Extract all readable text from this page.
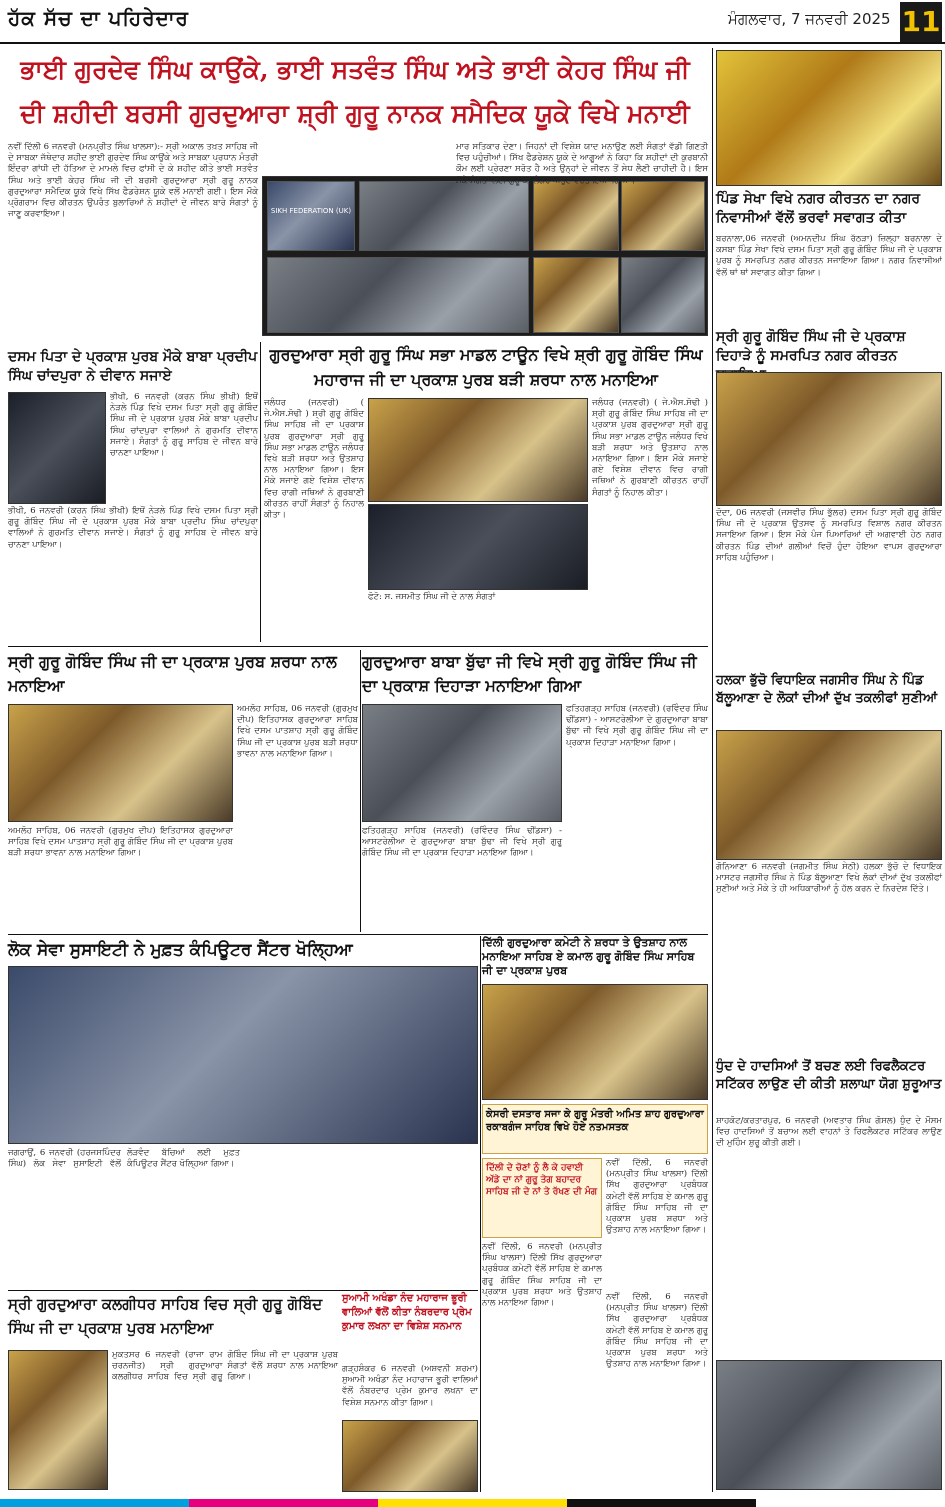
ਹੱਕ ਸੱਚ ਦਾ ਪਹਿਰੇਦਾਰ	ਮੰਗਲਵਾਰ, 7 ਜਨਵਰੀ 2025 11
ਭਾਈ ਗੁਰਦੇਵ ਸਿੰਘ ਕਾਉਂਕੇ, ਭਾਈ ਸਤਵੰਤ ਸਿੰਘ ਅਤੇ ਭਾਈ ਕੇਹਰ ਸਿੰਘ ਜੀ
ਦੀ ਸ਼ਹੀਦੀ ਬਰਸੀ ਗੁਰਦੁਆਰਾ ਸ਼੍ਰੀ ਗੁਰੂ ਨਾਨਕ ਸਮੈਦਿਕ ਯੂਕੇ ਵਿਖੇ ਮਨਾਈ
ਨਵੀਂ ਦਿੱਲੀ 6 ਜਨਵਰੀ (ਮਨਪ੍ਰੀਤ ਸਿੰਘ ਖਾਲਸਾ):- ਸ੍ਰੀ ਅਕਾਲ ਤਖ਼ਤ ਸਾਹਿਬ ਜੀ ਦੇ ਸਾਬਕਾ ਜੱਥੇਦਾਰ ਸ਼ਹੀਦ ਭਾਈ ਗੁਰਦੇਵ ਸਿੰਘ ਕਾਉਂਕੇ ਅਤੇ ਸਾਬਕਾ ਪ੍ਰਧਾਨ ਮੰਤਰੀ ਇੰਦਰਾ ਗਾਂਧੀ ਦੀ ਹੱਤਿਆ ਦੇ ਮਾਮਲੇ ਵਿਚ ਫਾਂਸੀ ਦੇ ਕੇ ਸ਼ਹੀਦ ਕੀਤੇ ਭਾਈ ਸਤਵੰਤ ਸਿੰਘ ਅਤੇ ਭਾਈ ਕੇਹਰ ਸਿੰਘ ਜੀ ਦੀ ਬਰਸੀ ਗੁਰਦੁਆਰਾ ਸ੍ਰੀ ਗੁਰੂ ਨਾਨਕ ਗੁਰਦੁਆਰਾ ਸਮੈਦਿਕ ਯੂਕੇ ਵਿਖੇ ਸਿੱਖ ਫੈਡਰੇਸ਼ਨ ਯੂਕੇ ਵਲੋਂ ਮਨਾਈ ਗਈ। ਇਸ ਮੌਕੇ ਪ੍ਰੋਗਰਾਮ ਵਿਚ ਕੀਰਤਨ ਉਪਰੰਤ ਬੁਲਾਰਿਆਂ ਨੇ ਸ਼ਹੀਦਾਂ ਦੇ ਜੀਵਨ ਬਾਰੇ ਸੰਗਤਾਂ ਨੂੰ ਜਾਣੂ ਕਰਵਾਇਆ।	SIKH FEDERATION (UK)
ਮਾਰ ਸਤਿਕਾਰ ਦੇਣਾ। ਜਿਹਨਾਂ ਦੀ ਵਿਸ਼ੇਸ਼ ਯਾਦ ਮਨਾਉਣ ਲਈ ਸੰਗਤਾਂ ਵੱਡੀ ਗਿਣਤੀ ਵਿਚ ਪਹੁੰਚੀਆਂ। ਸਿੱਖ ਫੈਡਰੇਸ਼ਨ ਯੂਕੇ ਦੇ ਆਗੂਆਂ ਨੇ ਕਿਹਾ ਕਿ ਸ਼ਹੀਦਾਂ ਦੀ ਕੁਰਬਾਨੀ ਕੌਮ ਲਈ ਪ੍ਰੇਰਣਾ ਸਰੋਤ ਹੈ ਅਤੇ ਉਨ੍ਹਾਂ ਦੇ ਜੀਵਨ ਤੋਂ ਸੇਧ ਲੈਣੀ ਚਾਹੀਦੀ ਹੈ। ਇਸ ਮੌਕੇ ਸੰਗਤਾਂ ਲਈ ਗੁਰੂ ਕਾ ਲੰਗਰ ਅਤੁੱਟ ਵਰਤਾਇਆ ਗਿਆ।
ਪਿੰਡ ਸੇਖਾ ਵਿਖੇ ਨਗਰ ਕੀਰਤਨ ਦਾ ਨਗਰ ਨਿਵਾਸੀਆਂ ਵੱਲੋਂ ਭਰਵਾਂ ਸਵਾਗਤ ਕੀਤਾ
ਬਰਨਾਲਾ,06 ਜਨਵਰੀ (ਅਮਨਦੀਪ ਸਿੰਘ ਰੱਠੜਾ) ਜ਼ਿਲ੍ਹਾ ਬਰਨਾਲਾ ਦੇ ਕਸਬਾ ਪਿੰਡ ਸੇਖਾ ਵਿਖੇ ਦਸਮ ਪਿਤਾ ਸ੍ਰੀ ਗੁਰੂ ਗੋਬਿੰਦ ਸਿੰਘ ਜੀ ਦੇ ਪ੍ਰਕਾਸ਼ ਪੁਰਬ ਨੂੰ ਸਮਰਪਿਤ ਨਗਰ ਕੀਰਤਨ ਸਜਾਇਆ ਗਿਆ। ਨਗਰ ਨਿਵਾਸੀਆਂ ਵੱਲੋਂ ਥਾਂ ਥਾਂ ਸਵਾਗਤ ਕੀਤਾ ਗਿਆ।
ਸ੍ਰੀ ਗੁਰੂ ਗੋਬਿੰਦ ਸਿੰਘ ਜੀ ਦੇ ਪ੍ਰਕਾਸ਼ ਦਿਹਾੜੇ ਨੂੰ ਸਮਰਪਿਤ ਨਗਰ ਕੀਰਤਨ
ਦੋਦਾ, 06 ਜਨਵਰੀ (ਜਸਵੀਰ ਸਿੰਘ ਭੁੱਲਰ) ਦਸਮ ਪਿਤਾ ਸ੍ਰੀ ਗੁਰੂ ਗੋਬਿੰਦ ਸਿੰਘ ਜੀ ਦੇ ਪ੍ਰਕਾਸ਼ ਉਤਸਵ ਨੂੰ ਸਮਰਪਿਤ ਵਿਸ਼ਾਲ ਨਗਰ ਕੀਰਤਨ ਸਜਾਇਆ ਗਿਆ। ਇਸ ਮੌਕੇ ਪੰਜ ਪਿਆਰਿਆਂ ਦੀ ਅਗਵਾਈ ਹੇਠ ਨਗਰ ਕੀਰਤਨ ਪਿੰਡ ਦੀਆਂ ਗਲੀਆਂ ਵਿਚੋਂ ਹੁੰਦਾ ਹੋਇਆ ਵਾਪਸ ਗੁਰਦੁਆਰਾ ਸਾਹਿਬ ਪਹੁੰਚਿਆ।
ਦਸਮ ਪਿਤਾ ਦੇ ਪ੍ਰਕਾਸ਼ ਪੁਰਬ ਮੌਕੇ ਬਾਬਾ ਪ੍ਰਦੀਪ ਸਿੰਘ ਚਾਂਦਪੁਰਾ ਨੇ ਦੀਵਾਨ ਸਜਾਏ
ਭੀਖੀ, 6 ਜਨਵਰੀ (ਕਰਨ ਸਿੰਘ ਭੀਖੀ) ਇਥੋਂ ਨੇੜਲੇ ਪਿੰਡ ਵਿਖੇ ਦਸਮ ਪਿਤਾ ਸ੍ਰੀ ਗੁਰੂ ਗੋਬਿੰਦ ਸਿੰਘ ਜੀ ਦੇ ਪ੍ਰਕਾਸ਼ ਪੁਰਬ ਮੌਕੇ ਬਾਬਾ ਪ੍ਰਦੀਪ ਸਿੰਘ ਚਾਂਦਪੁਰਾ ਵਾਲਿਆਂ ਨੇ ਗੁਰਮਤਿ ਦੀਵਾਨ ਸਜਾਏ। ਸੰਗਤਾਂ ਨੂੰ ਗੁਰੂ ਸਾਹਿਬ ਦੇ ਜੀਵਨ ਬਾਰੇ ਚਾਨਣਾ ਪਾਇਆ।
ਭੀਖੀ, 6 ਜਨਵਰੀ (ਕਰਨ ਸਿੰਘ ਭੀਖੀ) ਇਥੋਂ ਨੇੜਲੇ ਪਿੰਡ ਵਿਖੇ ਦਸਮ ਪਿਤਾ ਸ੍ਰੀ ਗੁਰੂ ਗੋਬਿੰਦ ਸਿੰਘ ਜੀ ਦੇ ਪ੍ਰਕਾਸ਼ ਪੁਰਬ ਮੌਕੇ ਬਾਬਾ ਪ੍ਰਦੀਪ ਸਿੰਘ ਚਾਂਦਪੁਰਾ ਵਾਲਿਆਂ ਨੇ ਗੁਰਮਤਿ ਦੀਵਾਨ ਸਜਾਏ। ਸੰਗਤਾਂ ਨੂੰ ਗੁਰੂ ਸਾਹਿਬ ਦੇ ਜੀਵਨ ਬਾਰੇ ਚਾਨਣਾ ਪਾਇਆ।
ਗੁਰਦੁਆਰਾ ਸ੍ਰੀ ਗੁਰੂ ਸਿੰਘ ਸਭਾ ਮਾਡਲ ਟਾਊਨ ਵਿਖੇ ਸ਼੍ਰੀ ਗੁਰੂ ਗੋਬਿੰਦ ਸਿੰਘ ਮਹਾਰਾਜ ਜੀ ਦਾ ਪ੍ਰਕਾਸ਼ ਪੁਰਬ ਬੜੀ ਸ਼ਰਧਾ ਨਾਲ ਮਨਾਇਆ
ਜਲੰਧਰ (ਜਨਵਰੀ) ( ਜੇ.ਐਸ.ਸੋਢੀ ) ਸ਼੍ਰੀ ਗੁਰੂ ਗੋਬਿੰਦ ਸਿੰਘ ਸਾਹਿਬ ਜੀ ਦਾ ਪ੍ਰਕਾਸ਼ ਪੁਰਬ ਗੁਰਦੁਆਰਾ ਸ੍ਰੀ ਗੁਰੂ ਸਿੰਘ ਸਭਾ ਮਾਡਲ ਟਾਊਨ ਜਲੰਧਰ ਵਿਖੇ ਬੜੀ ਸ਼ਰਧਾ ਅਤੇ ਉਤਸ਼ਾਹ ਨਾਲ ਮਨਾਇਆ ਗਿਆ। ਇਸ ਮੌਕੇ ਸਜਾਏ ਗਏ ਵਿਸ਼ੇਸ਼ ਦੀਵਾਨ ਵਿਚ ਰਾਗੀ ਜਥਿਆਂ ਨੇ ਗੁਰਬਾਣੀ ਕੀਰਤਨ ਰਾਹੀਂ ਸੰਗਤਾਂ ਨੂੰ ਨਿਹਾਲ ਕੀਤਾ।
ਫੋਟੋ: ਸ. ਜਸਮੀਤ ਸਿੰਘ ਜੀ ਦੇ ਨਾਲ ਸੰਗਤਾਂ
ਜਲੰਧਰ (ਜਨਵਰੀ) ( ਜੇ.ਐਸ.ਸੋਢੀ ) ਸ਼੍ਰੀ ਗੁਰੂ ਗੋਬਿੰਦ ਸਿੰਘ ਸਾਹਿਬ ਜੀ ਦਾ ਪ੍ਰਕਾਸ਼ ਪੁਰਬ ਗੁਰਦੁਆਰਾ ਸ੍ਰੀ ਗੁਰੂ ਸਿੰਘ ਸਭਾ ਮਾਡਲ ਟਾਊਨ ਜਲੰਧਰ ਵਿਖੇ ਬੜੀ ਸ਼ਰਧਾ ਅਤੇ ਉਤਸ਼ਾਹ ਨਾਲ ਮਨਾਇਆ ਗਿਆ। ਇਸ ਮੌਕੇ ਸਜਾਏ ਗਏ ਵਿਸ਼ੇਸ਼ ਦੀਵਾਨ ਵਿਚ ਰਾਗੀ ਜਥਿਆਂ ਨੇ ਗੁਰਬਾਣੀ ਕੀਰਤਨ ਰਾਹੀਂ ਸੰਗਤਾਂ ਨੂੰ ਨਿਹਾਲ ਕੀਤਾ।
ਸ੍ਰੀ ਗੁਰੂ ਗੋਬਿੰਦ ਸਿੰਘ ਜੀ ਦਾ ਪ੍ਰਕਾਸ਼ ਪੁਰਬ ਸ਼ਰਧਾ ਨਾਲ ਮਨਾਇਆ
ਅਮਲੋਹ ਸਾਹਿਬ, 06 ਜਨਵਰੀ (ਗੁਰਮੁਖ ਦੀਪ) ਇਤਿਹਾਸਕ ਗੁਰਦੁਆਰਾ ਸਾਹਿਬ ਵਿਖੇ ਦਸਮ ਪਾਤਸ਼ਾਹ ਸ੍ਰੀ ਗੁਰੂ ਗੋਬਿੰਦ ਸਿੰਘ ਜੀ ਦਾ ਪ੍ਰਕਾਸ਼ ਪੁਰਬ ਬੜੀ ਸ਼ਰਧਾ ਭਾਵਨਾ ਨਾਲ ਮਨਾਇਆ ਗਿਆ।
ਅਮਲੋਹ ਸਾਹਿਬ, 06 ਜਨਵਰੀ (ਗੁਰਮੁਖ ਦੀਪ) ਇਤਿਹਾਸਕ ਗੁਰਦੁਆਰਾ ਸਾਹਿਬ ਵਿਖੇ ਦਸਮ ਪਾਤਸ਼ਾਹ ਸ੍ਰੀ ਗੁਰੂ ਗੋਬਿੰਦ ਸਿੰਘ ਜੀ ਦਾ ਪ੍ਰਕਾਸ਼ ਪੁਰਬ ਬੜੀ ਸ਼ਰਧਾ ਭਾਵਨਾ ਨਾਲ ਮਨਾਇਆ ਗਿਆ।
ਗੁਰਦੁਆਰਾ ਬਾਬਾ ਬੁੱਢਾ ਜੀ ਵਿਖੇ ਸ੍ਰੀ ਗੁਰੂ ਗੋਬਿੰਦ ਸਿੰਘ ਜੀ ਦਾ ਪ੍ਰਕਾਸ਼ ਦਿਹਾੜਾ ਮਨਾਇਆ ਗਿਆ
ਫਤਿਹਗੜ੍ਹ ਸਾਹਿਬ (ਜਨਵਰੀ) (ਰਵਿੰਦਰ ਸਿੰਘ ਢੀਂਡਸਾ) - ਆਸਟਰੇਲੀਆ ਦੇ ਗੁਰਦੁਆਰਾ ਬਾਬਾ ਬੁੱਢਾ ਜੀ ਵਿਖੇ ਸ੍ਰੀ ਗੁਰੂ ਗੋਬਿੰਦ ਸਿੰਘ ਜੀ ਦਾ ਪ੍ਰਕਾਸ਼ ਦਿਹਾੜਾ ਮਨਾਇਆ ਗਿਆ।
ਫਤਿਹਗੜ੍ਹ ਸਾਹਿਬ (ਜਨਵਰੀ) (ਰਵਿੰਦਰ ਸਿੰਘ ਢੀਂਡਸਾ) - ਆਸਟਰੇਲੀਆ ਦੇ ਗੁਰਦੁਆਰਾ ਬਾਬਾ ਬੁੱਢਾ ਜੀ ਵਿਖੇ ਸ੍ਰੀ ਗੁਰੂ ਗੋਬਿੰਦ ਸਿੰਘ ਜੀ ਦਾ ਪ੍ਰਕਾਸ਼ ਦਿਹਾੜਾ ਮਨਾਇਆ ਗਿਆ।
ਹਲਕਾ ਭੁੱਚੋ ਵਿਧਾਇਕ ਜਗਸੀਰ ਸਿੰਘ ਨੇ ਪਿੰਡ ਬੱਲੂਆਣਾ ਦੇ ਲੋਕਾਂ ਦੀਆਂ ਦੁੱਖ ਤਕਲੀਫਾਂ ਸੁਣੀਆਂ
ਗੋਨਿਆਣਾ 6 ਜਨਵਰੀ (ਜਗਮੀਤ ਸਿੰਘ ਸੇਠੀ) ਹਲਕਾ ਭੁੱਚੋ ਦੇ ਵਿਧਾਇਕ ਮਾਸਟਰ ਜਗਸੀਰ ਸਿੰਘ ਨੇ ਪਿੰਡ ਬੱਲੂਆਣਾ ਵਿਖੇ ਲੋਕਾਂ ਦੀਆਂ ਦੁੱਖ ਤਕਲੀਫਾਂ ਸੁਣੀਆਂ ਅਤੇ ਮੌਕੇ ਤੇ ਹੀ ਅਧਿਕਾਰੀਆਂ ਨੂੰ ਹੱਲ ਕਰਨ ਦੇ ਨਿਰਦੇਸ਼ ਦਿੱਤੇ।
ਧੁੰਦ ਦੇ ਹਾਦਸਿਆਂ ਤੋਂ ਬਚਣ ਲਈ ਰਿਫਲੈਕਟਰ ਸਟਿੱਕਰ ਲਾਉਣ ਦੀ ਕੀਤੀ ਸ਼ਲਾਘਾ ਯੋਗ ਸ਼ੁਰੂਆਤ
ਸ਼ਾਹਕੋਟ/ਕਰਤਾਰਪੁਰ, 6 ਜਨਵਰੀ (ਅਵਤਾਰ ਸਿੰਘ ਗੋਸਲ) ਧੁੰਦ ਦੇ ਮੌਸਮ ਵਿਚ ਹਾਦਸਿਆਂ ਤੋਂ ਬਚਾਅ ਲਈ ਵਾਹਨਾਂ ਤੇ ਰਿਫਲੈਕਟਰ ਸਟਿੱਕਰ ਲਾਉਣ ਦੀ ਮੁਹਿੰਮ ਸ਼ੁਰੂ ਕੀਤੀ ਗਈ।
ਲੋਕ ਸੇਵਾ ਸੁਸਾਇਟੀ ਨੇ ਮੁਫ਼ਤ ਕੰਪਿਊਟਰ ਸੈਂਟਰ ਖੋਲ੍ਹਿਆ
ਜਗਰਾਉਂ, 6 ਜਨਵਰੀ (ਹਰਜਸਪਿੰਦਰ ਸਿੰਘ) ਲੋਕ ਸੇਵਾ ਸੁਸਾਇਟੀ ਵੱਲੋਂ ਲੋੜਵੰਦ ਬੱਚਿਆਂ ਲਈ ਮੁਫ਼ਤ ਕੰਪਿਊਟਰ ਸੈਂਟਰ ਖੋਲ੍ਹਿਆ ਗਿਆ।
ਦਿੱਲੀ ਗੁਰਦੁਆਰਾ ਕਮੇਟੀ ਨੇ ਸ਼ਰਧਾ ਤੇ ਉਤਸ਼ਾਹ ਨਾਲ ਮਨਾਇਆ ਸਾਹਿਬ ਏ ਕਮਾਲ ਗੁਰੂ ਗੋਬਿੰਦ ਸਿੰਘ ਸਾਹਿਬ ਜੀ ਦਾ ਪ੍ਰਕਾਸ਼ ਪੁਰਬ
ਕੇਸਰੀ ਦਸਤਾਰ ਸਜਾ ਕੇ ਗੁਰੂ ਮੰਤਰੀ ਅਮਿਤ ਸ਼ਾਹ ਗੁਰਦੁਆਰਾ ਰਕਾਬਗੰਜ ਸਾਹਿਬ ਵਿਖੇ ਹੋਏ ਨਤਮਸਤਕ
ਦਿੱਲੀ ਦੇ ਚੋਣਾਂ ਨੂੰ ਲੈ ਕੇ ਹਵਾਈ ਅੱਡੇ ਦਾ ਨਾਂ ਗੁਰੂ ਤੇਗ ਬਹਾਦਰ ਸਾਹਿਬ ਜੀ ਦੇ ਨਾਂ ਤੇ ਰੱਖਣ ਦੀ ਮੰਗ
ਨਵੀਂ ਦਿੱਲੀ, 6 ਜਨਵਰੀ (ਮਨਪ੍ਰੀਤ ਸਿੰਘ ਖਾਲਸਾ) ਦਿੱਲੀ ਸਿੱਖ ਗੁਰਦੁਆਰਾ ਪ੍ਰਬੰਧਕ ਕਮੇਟੀ ਵੱਲੋਂ ਸਾਹਿਬ ਏ ਕਮਾਲ ਗੁਰੂ ਗੋਬਿੰਦ ਸਿੰਘ ਸਾਹਿਬ ਜੀ ਦਾ ਪ੍ਰਕਾਸ਼ ਪੁਰਬ ਸ਼ਰਧਾ ਅਤੇ ਉਤਸ਼ਾਹ ਨਾਲ ਮਨਾਇਆ ਗਿਆ।
ਨਵੀਂ ਦਿੱਲੀ, 6 ਜਨਵਰੀ (ਮਨਪ੍ਰੀਤ ਸਿੰਘ ਖਾਲਸਾ) ਦਿੱਲੀ ਸਿੱਖ ਗੁਰਦੁਆਰਾ ਪ੍ਰਬੰਧਕ ਕਮੇਟੀ ਵੱਲੋਂ ਸਾਹਿਬ ਏ ਕਮਾਲ ਗੁਰੂ ਗੋਬਿੰਦ ਸਿੰਘ ਸਾਹਿਬ ਜੀ ਦਾ ਪ੍ਰਕਾਸ਼ ਪੁਰਬ ਸ਼ਰਧਾ ਅਤੇ ਉਤਸ਼ਾਹ ਨਾਲ ਮਨਾਇਆ ਗਿਆ।
ਸ੍ਰੀ ਗੁਰਦੁਆਰਾ ਕਲਗੀਧਰ ਸਾਹਿਬ ਵਿਚ ਸ੍ਰੀ ਗੁਰੂ ਗੋਬਿੰਦ ਸਿੰਘ ਜੀ ਦਾ ਪ੍ਰਕਾਸ਼ ਪੁਰਬ ਮਨਾਇਆ
ਮੁਕਤਸਰ 6 ਜਨਵਰੀ (ਰਾਜਾ ਰਾਮ ਚਰਨਜੀਤ) ਸ੍ਰੀ ਗੁਰਦੁਆਰਾ ਕਲਗੀਧਰ ਸਾਹਿਬ ਵਿਚ ਸ੍ਰੀ ਗੁਰੂ ਗੋਬਿੰਦ ਸਿੰਘ ਜੀ ਦਾ ਪ੍ਰਕਾਸ਼ ਪੁਰਬ ਸੰਗਤਾਂ ਵੱਲੋਂ ਸ਼ਰਧਾ ਨਾਲ ਮਨਾਇਆ ਗਿਆ।
ਸੁਆਮੀ ਅਖੰਡਾ ਨੰਦ ਮਹਾਰਾਜ ਭੂਰੀ ਵਾਲਿਆਂ ਵੱਲੋਂ ਕੀਤਾ ਨੰਬਰਦਾਰ ਪ੍ਰੇਮ ਕੁਮਾਰ ਲਖਨਾ ਦਾ ਵਿਸ਼ੇਸ਼ ਸਨਮਾਨ
ਗੜ੍ਹਸ਼ੰਕਰ 6 ਜਨਵਰੀ (ਅਸ਼ਵਨੀ ਸ਼ਰਮਾ) ਸੁਆਮੀ ਅਖੰਡਾ ਨੰਦ ਮਹਾਰਾਜ ਭੂਰੀ ਵਾਲਿਆਂ ਵੱਲੋਂ ਨੰਬਰਦਾਰ ਪ੍ਰੇਮ ਕੁਮਾਰ ਲਖਨਾ ਦਾ ਵਿਸ਼ੇਸ਼ ਸਨਮਾਨ ਕੀਤਾ ਗਿਆ।
ਨਵੀਂ ਦਿੱਲੀ, 6 ਜਨਵਰੀ (ਮਨਪ੍ਰੀਤ ਸਿੰਘ ਖਾਲਸਾ) ਦਿੱਲੀ ਸਿੱਖ ਗੁਰਦੁਆਰਾ ਪ੍ਰਬੰਧਕ ਕਮੇਟੀ ਵੱਲੋਂ ਸਾਹਿਬ ਏ ਕਮਾਲ ਗੁਰੂ ਗੋਬਿੰਦ ਸਿੰਘ ਸਾਹਿਬ ਜੀ ਦਾ ਪ੍ਰਕਾਸ਼ ਪੁਰਬ ਸ਼ਰਧਾ ਅਤੇ ਉਤਸ਼ਾਹ ਨਾਲ ਮਨਾਇਆ ਗਿਆ।
